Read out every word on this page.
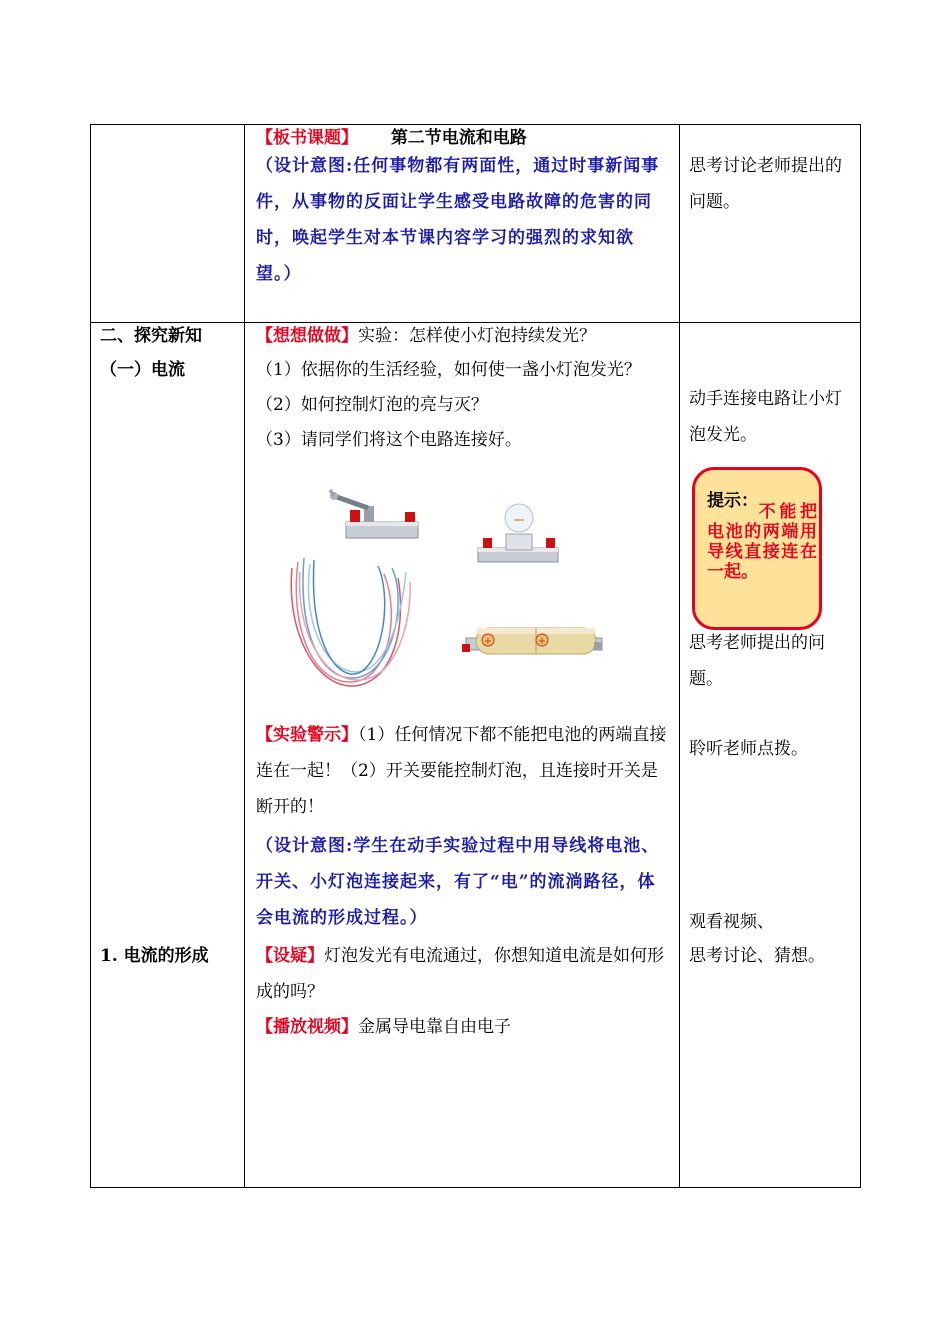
【板书课题】 第二节电流和电路
（设计意图:任何事物都有两面性，通过时事新闻事件，从事物的反面让学生感受电路故障的危害的同时，唤起学生对本节课内容学习的强烈的求知欲望。）
思考讨论老师提出的问题。
二、探究新知
（一）电流
1. 电流的形成
【想想做做】实验：怎样使小灯泡持续发光？
（1）依据你的生活经验，如何使一盏小灯泡发光？
（2）如何控制灯泡的亮与灭？
（3）请同学们将这个电路连接好。
+	+
【实验警示】（1）任何情况下都不能把电池的两端直接连在一起！（2）开关要能控制灯泡，且连接时开关是断开的！
（设计意图:学生在动手实验过程中用导线将电池、开关、小灯泡连接起来，有了“电”的流淌路径，体会电流的形成过程。）
【设疑】灯泡发光有电流通过，你想知道电流是如何形成的吗？
【播放视频】金属导电靠自由电子
动手连接电路让小灯泡发光。
提示：
不能把电池的两端用导线直接连在一起。
思考老师提出的问题。
聆听老师点拨。
观看视频、
思考讨论、猜想。
